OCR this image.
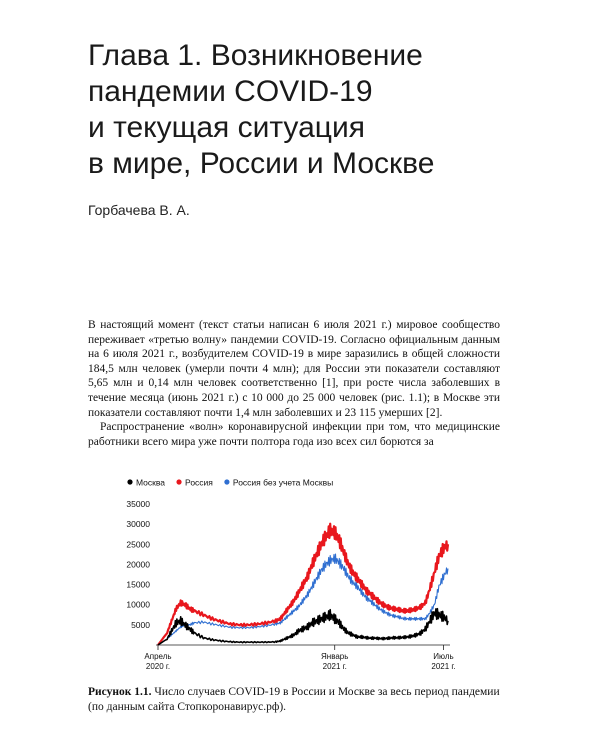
Глава 1. Возникновение
пандемии COVID-19
и текущая ситуация
в мире, России и Москве
Горбачева В. А.

В настоящий момент (текст статьи написан 6 июля 2021 г.) мировое сообщество переживает «третью волну» пандемии COVID-19. Согласно официальным данным на 6 июля 2021 г., возбудителем COVID-19 в мире заразились в общей сложности 184,5 млн человек (умерли почти 4 млн); для России эти показатели составляют 5,65 млн и 0,14 млн человек соответственно [1], при росте числа заболевших в течение месяца (июнь 2021 г.) с 10 000 до 25 000 человек (рис. 1.1); в Москве эти показатели составляют почти 1,4 млн заболевших и 23 115 умерших [2].

Распространение «волн» коронавирусной инфекции при том, что медицинские работники всего мира уже почти полтора года изо всех сил борются за

Москва Россия Россия без учета Москвы
5000
10000
15000
20000
25000
30000
35000
Апрель
2020 г.
Январь
2021 г.
Июль
2021 г.
Рисунок 1.1. Число случаев COVID-19 в России и Москве за весь период пандемии (по данным сайта Стопкоронавирус.рф).
